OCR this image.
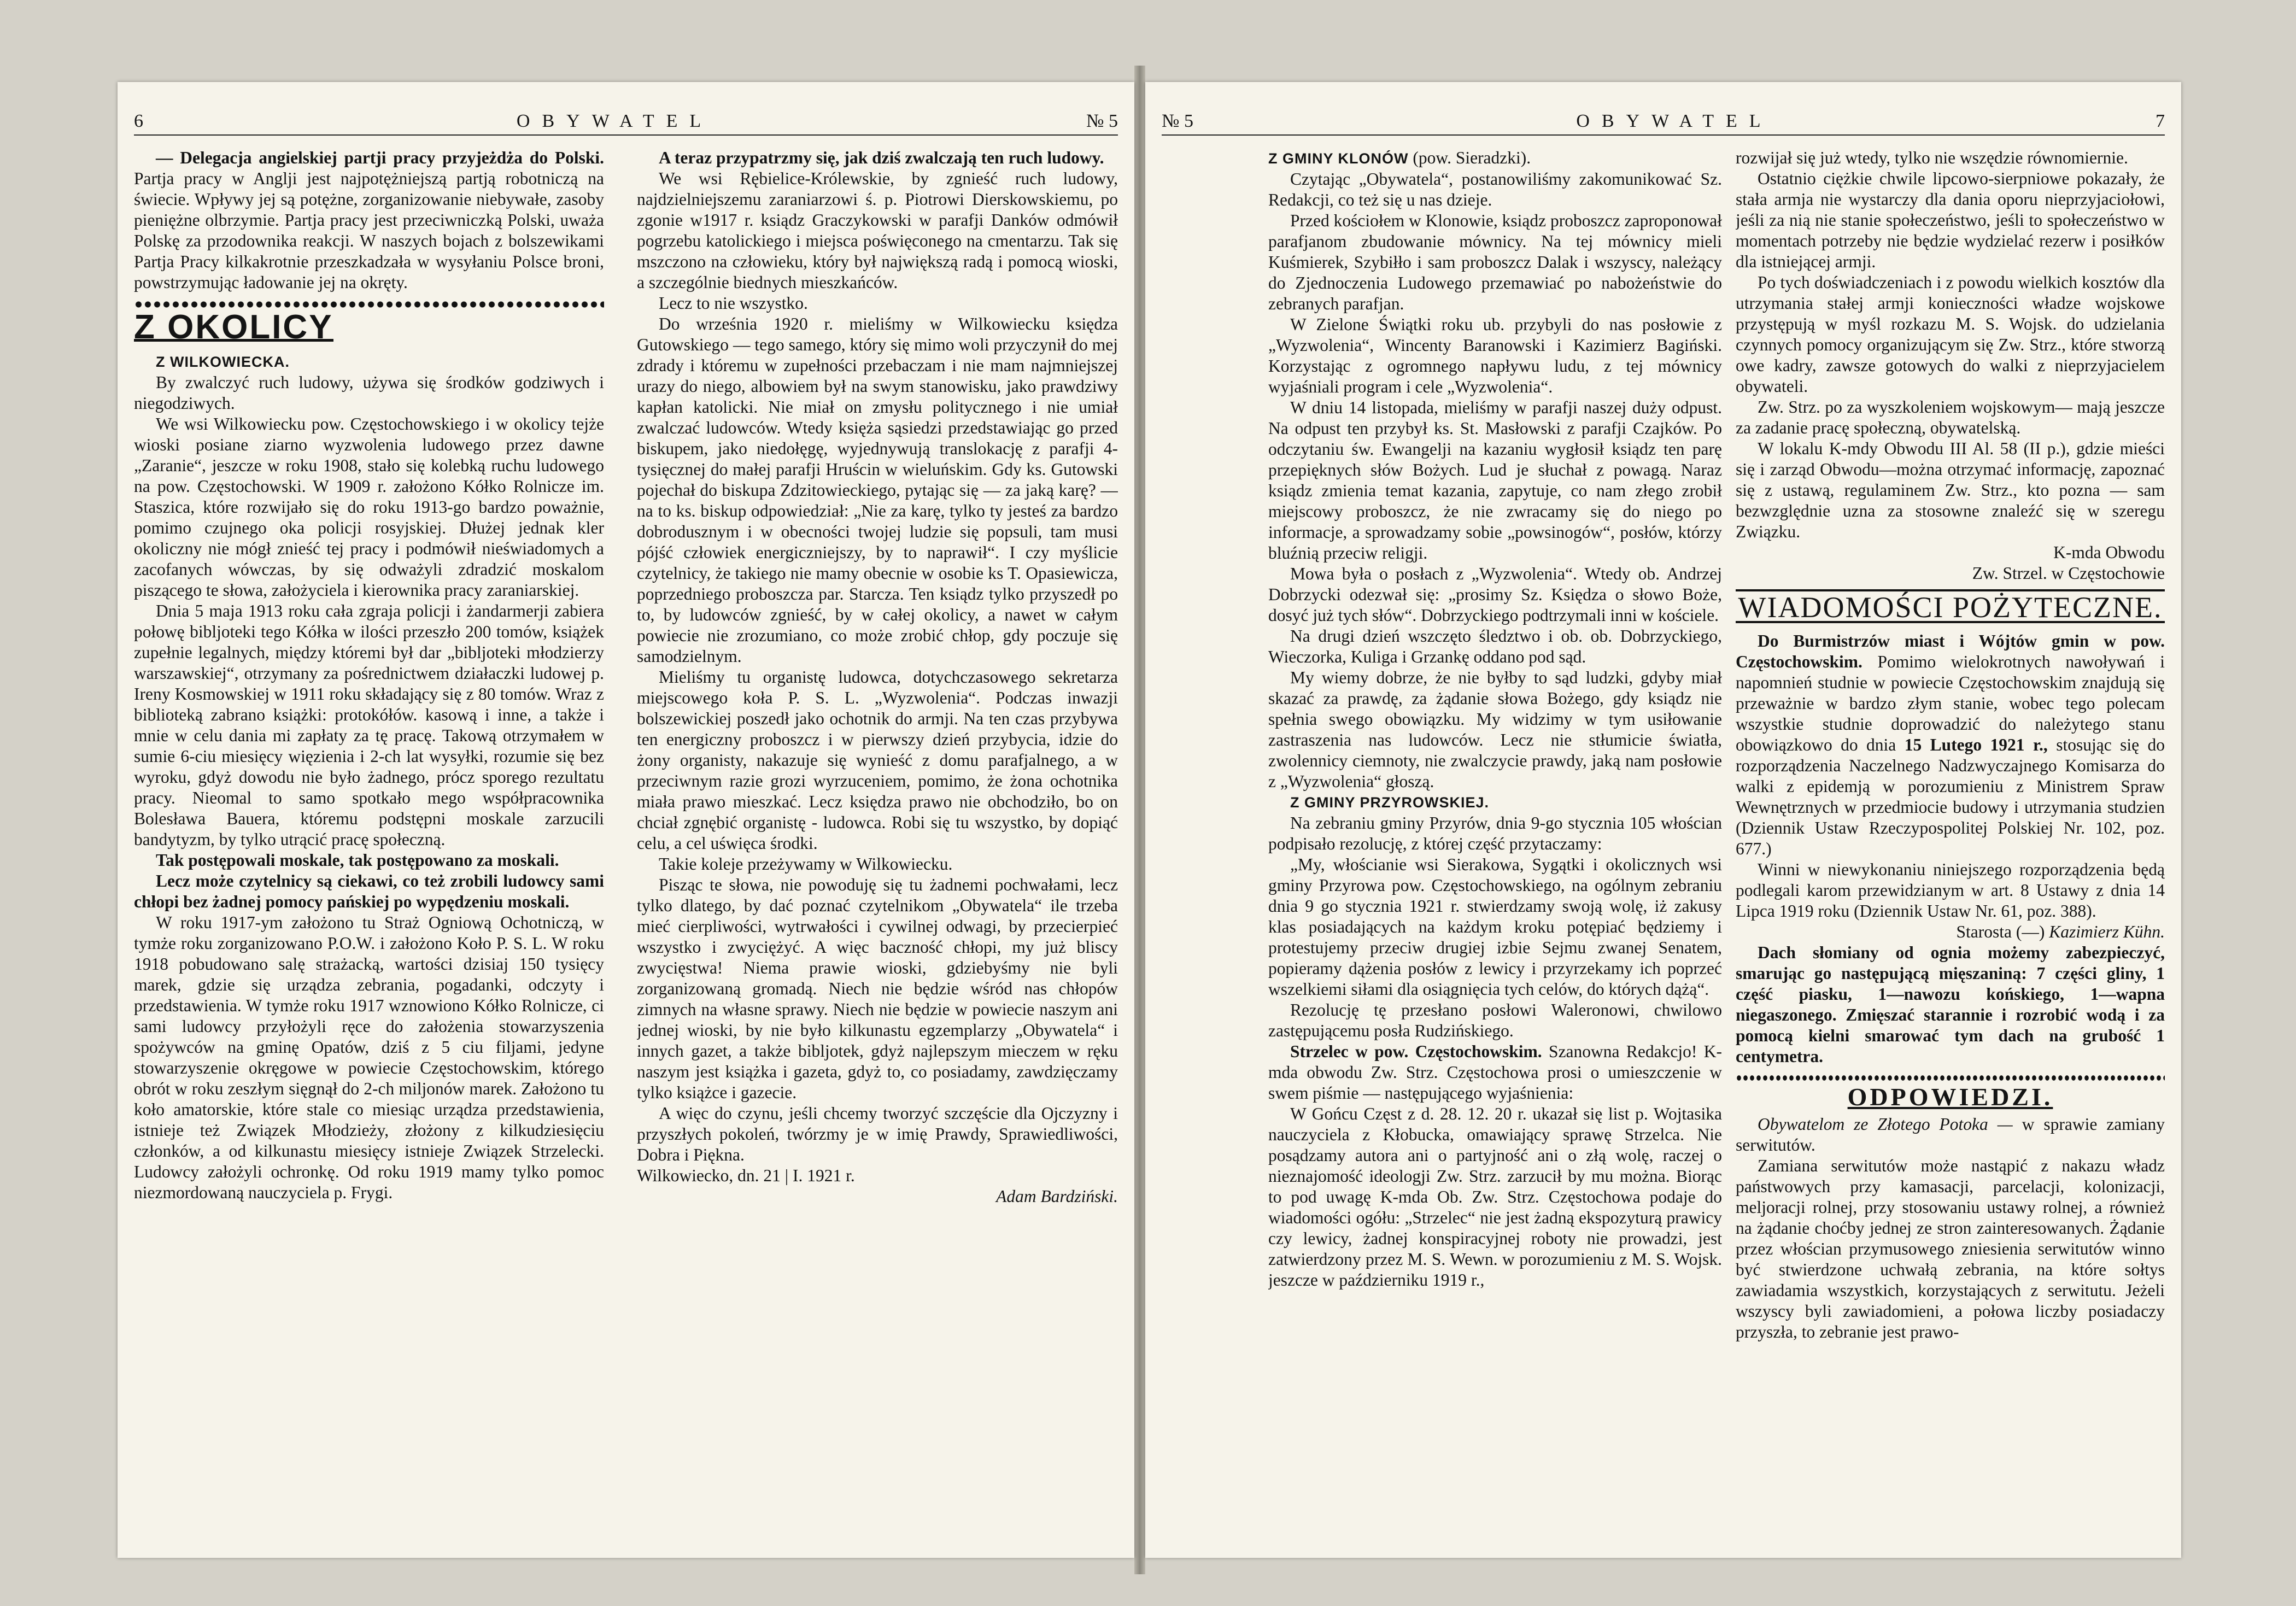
6	OBYWATEL	№ 5

— Delegacja angielskiej partji pracy przyjeżdża do Polski. Partja pracy w Anglji jest najpotężniejszą partją robotniczą na świecie. Wpływy jej są potężne, zorganizowanie niebywałe, zasoby pieniężne olbrzymie. Partja pracy jest przeciwniczką Polski, uważa Polskę za przodownika reakcji. W naszych bojach z bolszewikami Partja Pracy kilkakrotnie przeszkadzała w wysyłaniu Polsce broni, powstrzymując ładowanie jej na okręty.

Z OKOLICY

Z WILKOWIECKA.

By zwalczyć ruch ludowy, używa się środków godziwych i niegodziwych.

We wsi Wilkowiecku pow. Częstochowskiego i w okolicy tejże wioski posiane ziarno wyzwolenia ludowego przez dawne „Zaranie“, jeszcze w roku 1908, stało się kolebką ruchu ludowego na pow. Częstochowski. W 1909 r. założono Kółko Rolnicze im. Staszica, które rozwijało się do roku 1913-go bardzo poważnie, pomimo czujnego oka policji rosyjskiej. Dłużej jednak kler okoliczny nie mógł znieść tej pracy i podmówił nieświadomych a zacofanych wówczas, by się odważyli zdradzić moskalom piszącego te słowa, założyciela i kierownika pracy zaraniarskiej.

Dnia 5 maja 1913 roku cała zgraja policji i żandarmerji zabiera połowę bibljoteki tego Kółka w ilości przeszło 200 tomów, książek zupełnie legalnych, między któremi był dar „bibljoteki młodzierzy warszawskiej“, otrzymany za pośrednictwem działaczki ludowej p. Ireny Kosmowskiej w 1911 roku składający się z 80 tomów. Wraz z biblioteką zabrano książki: protokółów. kasową i inne, a także i mnie w celu dania mi zapłaty za tę pracę. Takową otrzymałem w sumie 6-ciu miesięcy więzienia i 2-ch lat wysyłki, rozumie się bez wyroku, gdyż dowodu nie było żadnego, prócz sporego rezultatu pracy. Nieomal to samo spotkało mego współpracownika Bolesława Bauera, któremu podstępni moskale zarzucili bandytyzm, by tylko utrącić pracę społeczną.

Tak postępowali moskale, tak postępowano za moskali.

Lecz może czytelnicy są ciekawi, co też zrobili ludowcy sami chłopi bez żadnej pomocy pańskiej po wypędzeniu moskali.

W roku 1917-ym założono tu Straż Ogniową Ochotniczą, w tymże roku zorganizowano P.O.W. i założono Koło P. S. L. W roku 1918 pobudowano salę strażacką, wartości dzisiaj 150 tysięcy marek, gdzie się urządza zebrania, pogadanki, odczyty i przedstawienia. W tymże roku 1917 wznowiono Kółko Rolnicze, ci sami ludowcy przyłożyli ręce do założenia stowarzyszenia spożywców na gminę Opatów, dziś z 5 ciu filjami, jedyne stowarzyszenie okręgowe w powiecie Częstochowskim, którego obrót w roku zeszłym sięgnął do 2-ch miljonów marek. Założono tu koło amatorskie, które stale co miesiąc urządza przedstawienia, istnieje też Związek Młodzieży, złożony z kilkudziesięciu członków, a od kilkunastu miesięcy istnieje Związek Strzelecki. Ludowcy założyli ochronkę. Od roku 1919 mamy tylko pomoc niezmordowaną nauczyciela p. Frygi.

A teraz przypatrzmy się, jak dziś zwalczają ten ruch ludowy.

We wsi Rębielice-Królewskie, by zgnieść ruch ludowy, najdzielniejszemu zaraniarzowi ś. p. Piotrowi Dierskowskiemu, po zgonie w1917 r. ksiądz Graczykowski w parafji Danków odmówił pogrzebu katolickiego i miejsca poświęconego na cmentarzu. Tak się mszczono na człowieku, który był największą radą i pomocą wioski, a szczególnie biednych mieszkańców.

Lecz to nie wszystko.

Do września 1920 r. mieliśmy w Wilkowiecku księdza Gutowskiego — tego samego, który się mimo woli przyczynił do mej zdrady i któremu w zupełności przebaczam i nie mam najmniejszej urazy do niego, albowiem był na swym stanowisku, jako prawdziwy kapłan katolicki. Nie miał on zmysłu politycznego i nie umiał zwalczać ludowców. Wtedy księża sąsiedzi przedstawiając go przed biskupem, jako niedołęgę, wyjednywują translokację z parafji 4-tysięcznej do małej parafji Hruścin w wieluńskim. Gdy ks. Gutowski pojechał do biskupa Zdzitowieckiego, pytając się — za jaką karę? — na to ks. biskup odpowiedział: „Nie za karę, tylko ty jesteś za bardzo dobrodusznym i w obecności twojej ludzie się popsuli, tam musi pójść człowiek energiczniejszy, by to naprawił“. I czy myślicie czytelnicy, że takiego nie mamy obecnie w osobie ks T. Opasiewicza, poprzedniego proboszcza par. Starcza. Ten ksiądz tylko przyszedł po to, by ludowców zgnieść, by w całej okolicy, a nawet w całym powiecie nie zrozumiano, co może zrobić chłop, gdy poczuje się samodzielnym.

Mieliśmy tu organistę ludowca, dotychczasowego sekretarza miejscowego koła P. S. L. „Wyzwolenia“. Podczas inwazji bolszewickiej poszedł jako ochotnik do armji. Na ten czas przybywa ten energiczny proboszcz i w pierwszy dzień przybycia, idzie do żony organisty, nakazuje się wynieść z domu parafjalnego, a w przeciwnym razie grozi wyrzuceniem, pomimo, że żona ochotnika miała prawo mieszkać. Lecz księdza prawo nie obchodziło, bo on chciał zgnębić organistę - ludowca. Robi się tu wszystko, by dopiąć celu, a cel uświęca środki.

Takie koleje przeżywamy w Wilkowiecku.

Pisząc te słowa, nie powoduję się tu żadnemi pochwałami, lecz tylko dlatego, by dać poznać czytelnikom „Obywatela“ ile trzeba mieć cierpliwości, wytrwałości i cywilnej odwagi, by przecierpieć wszystko i zwyciężyć. A więc baczność chłopi, my już bliscy zwycięstwa! Niema prawie wioski, gdziebyśmy nie byli zorganizowaną gromadą. Niech nie będzie wśród nas chłopów zimnych na własne sprawy. Niech nie będzie w powiecie naszym ani jednej wioski, by nie było kilkunastu egzemplarzy „Obywatela“ i innych gazet, a także bibljotek, gdyż najlepszym mieczem w ręku naszym jest książka i gazeta, gdyż to, co posiadamy, zawdzięczamy tylko książce i gazecie.

A więc do czynu, jeśli chcemy tworzyć szczęście dla Ojczyzny i przyszłych pokoleń, twórzmy je w imię Prawdy, Sprawiedliwości, Dobra i Piękna.

Wilkowiecko, dn. 21 | I. 1921 r.

Adam Bardziński.

№ 5	OBYWATEL	7

Z GMINY KLONÓW (pow. Sieradzki).

Czytając „Obywatela“, postanowiliśmy zakomunikować Sz. Redakcji, co też się u nas dzieje.

Przed kościołem w Klonowie, ksiądz proboszcz zaproponował parafjanom zbudowanie mównicy. Na tej mównicy mieli Kuśmierek, Szybiłło i sam proboszcz Dalak i wszyscy, należący do Zjednoczenia Ludowego przemawiać po nabożeństwie do zebranych parafjan.

W Zielone Świątki roku ub. przybyli do nas posłowie z „Wyzwolenia“, Wincenty Baranowski i Kazimierz Bagiński. Korzystając z ogromnego napływu ludu, z tej mównicy wyjaśniali program i cele „Wyzwolenia“.

W dniu 14 listopada, mieliśmy w parafji naszej duży odpust. Na odpust ten przybył ks. St. Masłowski z parafji Czajków. Po odczytaniu św. Ewangelji na kazaniu wygłosił ksiądz ten parę przepięknych słów Bożych. Lud je słuchał z powagą. Naraz ksiądz zmienia temat kazania, zapytuje, co nam złego zrobił miejscowy proboszcz, że nie zwracamy się do niego po informacje, a sprowadzamy sobie „powsinogów“, posłów, którzy bluźnią przeciw religji.

Mowa była o posłach z „Wyzwolenia“. Wtedy ob. Andrzej Dobrzycki odezwał się: „prosimy Sz. Księdza o słowo Boże, dosyć już tych słów“. Dobrzyckiego podtrzymali inni w kościele.

Na drugi dzień wszczęto śledztwo i ob. ob. Dobrzyckiego, Wieczorka, Kuliga i Grzankę oddano pod sąd.

My wiemy dobrze, że nie byłby to sąd ludzki, gdyby miał skazać za prawdę, za żądanie słowa Bożego, gdy ksiądz nie spełnia swego obowiązku. My widzimy w tym usiłowanie zastraszenia nas ludowców. Lecz nie stłumicie światła, zwolennicy ciemnoty, nie zwalczycie prawdy, jaką nam posłowie z „Wyzwolenia“ głoszą.

Z GMINY PRZYROWSKIEJ.

Na zebraniu gminy Przyrów, dnia 9-go stycznia 105 włościan podpisało rezolucję, z której część przytaczamy:

„My, włościanie wsi Sierakowa, Sygątki i okolicznych wsi gminy Przyrowa pow. Częstochowskiego, na ogólnym zebraniu dnia 9 go stycznia 1921 r. stwierdzamy swoją wolę, iż zakusy klas posiadających na każdym kroku potępiać będziemy i protestujemy przeciw drugiej izbie Sejmu zwanej Senatem, popieramy dążenia posłów z lewicy i przyrzekamy ich poprzeć wszelkiemi siłami dla osiągnięcia tych celów, do których dążą“.

Rezolucję tę przesłano posłowi Waleronowi, chwilowo zastępującemu posła Rudzińskiego.

Strzelec w pow. Częstochowskim. Szanowna Redakcjo! K-mda obwodu Zw. Strz. Częstochowa prosi o umieszczenie w swem piśmie — następującego wyjaśnienia:

W Gońcu Częst z d. 28. 12. 20 r. ukazał się list p. Wojtasika nauczyciela z Kłobucka, omawiający sprawę Strzelca. Nie posądzamy autora ani o partyjność ani o złą wolę, raczej o nieznajomość ideologji Zw. Strz. zarzucił by mu można. Biorąc to pod uwagę K-mda Ob. Zw. Strz. Częstochowa podaje do wiadomości ogółu: „Strzelec“ nie jest żadną ekspozyturą prawicy czy lewicy, żadnej konspiracyjnej roboty nie prowadzi, jest zatwierdzony przez M. S. Wewn. w porozumieniu z M. S. Wojsk. jeszcze w październiku 1919 r.,

rozwijał się już wtedy, tylko nie wszędzie równomiernie.

Ostatnio ciężkie chwile lipcowo-sierpniowe pokazały, że stała armja nie wystarczy dla dania oporu nieprzyjaciołowi, jeśli za nią nie stanie społeczeństwo, jeśli to społeczeństwo w momentach potrzeby nie będzie wydzielać rezerw i posiłków dla istniejącej armji.

Po tych doświadczeniach i z powodu wielkich kosztów dla utrzymania stałej armji konieczności władze wojskowe przystępują w myśl rozkazu M. S. Wojsk. do udzielania czynnych pomocy organizującym się Zw. Strz., które stworzą owe kadry, zawsze gotowych do walki z nieprzyjacielem obywateli.

Zw. Strz. po za wyszkoleniem wojskowym— mają jeszcze za zadanie pracę społeczną, obywatelską.

W lokalu K-mdy Obwodu III Al. 58 (II p.), gdzie mieści się i zarząd Obwodu—można otrzymać informację, zapoznać się z ustawą, regulaminem Zw. Strz., kto pozna — sam bezwzględnie uzna za stosowne znaleźć się w szeregu Związku.

K-mda Obwodu

Zw. Strzel. w Częstochowie

WIADOMOŚCI POŻYTECZNE.

Do Burmistrzów miast i Wójtów gmin w pow. Częstochowskim. Pomimo wielokrotnych nawoływań i napomnień studnie w powiecie Częstochowskim znajdują się przeważnie w bardzo złym stanie, wobec tego polecam wszystkie studnie doprowadzić do należytego stanu obowiązkowo do dnia 15 Lutego 1921 r., stosując się do rozporządzenia Naczelnego Nadzwyczajnego Komisarza do walki z epidemją w porozumieniu z Ministrem Spraw Wewnętrznych w przedmiocie budowy i utrzymania studzien (Dziennik Ustaw Rzeczypospolitej Polskiej Nr. 102, poz. 677.)

Winni w niewykonaniu niniejszego rozporządzenia będą podlegali karom przewidzianym w art. 8 Ustawy z dnia 14 Lipca 1919 roku (Dziennik Ustaw Nr. 61, poz. 388).

Starosta (—) Kazimierz Kühn.

Dach słomiany od ognia możemy zabezpieczyć, smarując go następującą mięszaniną: 7 części gliny, 1 część piasku, 1—nawozu końskiego, 1—wapna niegaszonego. Zmięszać starannie i rozrobić wodą i za pomocą kielni smarować tym dach na grubość 1 centymetra.

ODPOWIEDZI.

Obywatelom ze Złotego Potoka — w sprawie zamiany serwitutów.

Zamiana serwitutów może nastąpić z nakazu władz państwowych przy kamasacji, parcelacji, kolonizacji, meljoracji rolnej, przy stosowaniu ustawy rolnej, a również na żądanie choćby jednej ze stron zainteresowanych. Żądanie przez włościan przymusowego zniesienia serwitutów winno być stwierdzone uchwałą zebrania, na które sołtys zawiadamia wszystkich, korzystających z serwitutu. Jeżeli wszyscy byli zawiadomieni, a połowa liczby posiadaczy przyszła, to zebranie jest prawo-
